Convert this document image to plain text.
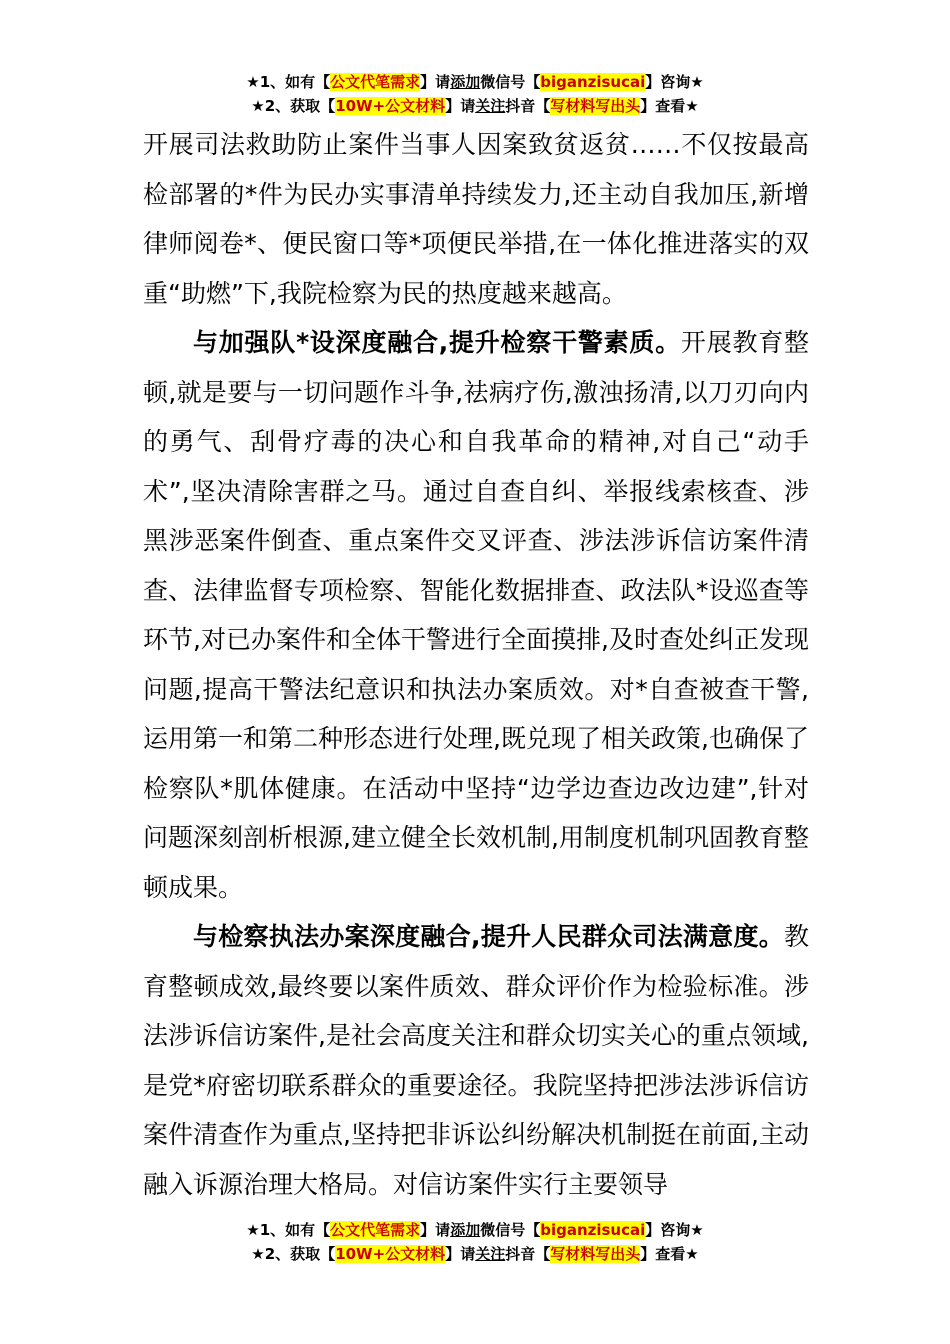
★1、如有【公文代笔需求】请添加微信号【biganzisucai】咨询★
★2、获取【10W+公文材料】请关注抖音【写材料写出头】查看★

开展司法救助防止案件当事人因案致贫返贫……不仅按最高检部署的*件为民办实事清单持续发力,还主动自我加压,新增律师阅卷*、便民窗口等*项便民举措,在一体化推进落实的双重“助燃”下,我院检察为民的热度越来越高。

与加强队*设深度融合,提升检察干警素质。开展教育整顿,就是要与一切问题作斗争,祛病疗伤,激浊扬清,以刀刃向内的勇气、刮骨疗毒的决心和自我革命的精神,对自己“动手术”,坚决清除害群之马。通过自查自纠、举报线索核查、涉黑涉恶案件倒查、重点案件交叉评查、涉法涉诉信访案件清查、法律监督专项检察、智能化数据排查、政法队*设巡查等环节,对已办案件和全体干警进行全面摸排,及时查处纠正发现问题,提高干警法纪意识和执法办案质效。对*自查被查干警,运用第一和第二种形态进行处理,既兑现了相关政策,也确保了检察队*肌体健康。在活动中坚持“边学边查边改边建”,针对问题深刻剖析根源,建立健全长效机制,用制度机制巩固教育整顿成果。

与检察执法办案深度融合,提升人民群众司法满意度。教育整顿成效,最终要以案件质效、群众评价作为检验标准。涉法涉诉信访案件,是社会高度关注和群众切实关心的重点领域,是党*府密切联系群众的重要途径。我院坚持把涉法涉诉信访案件清查作为重点,坚持把非诉讼纠纷解决机制挺在前面,主动融入诉源治理大格局。对信访案件实行主要领导

★1、如有【公文代笔需求】请添加微信号【biganzisucai】咨询★
★2、获取【10W+公文材料】请关注抖音【写材料写出头】查看★
